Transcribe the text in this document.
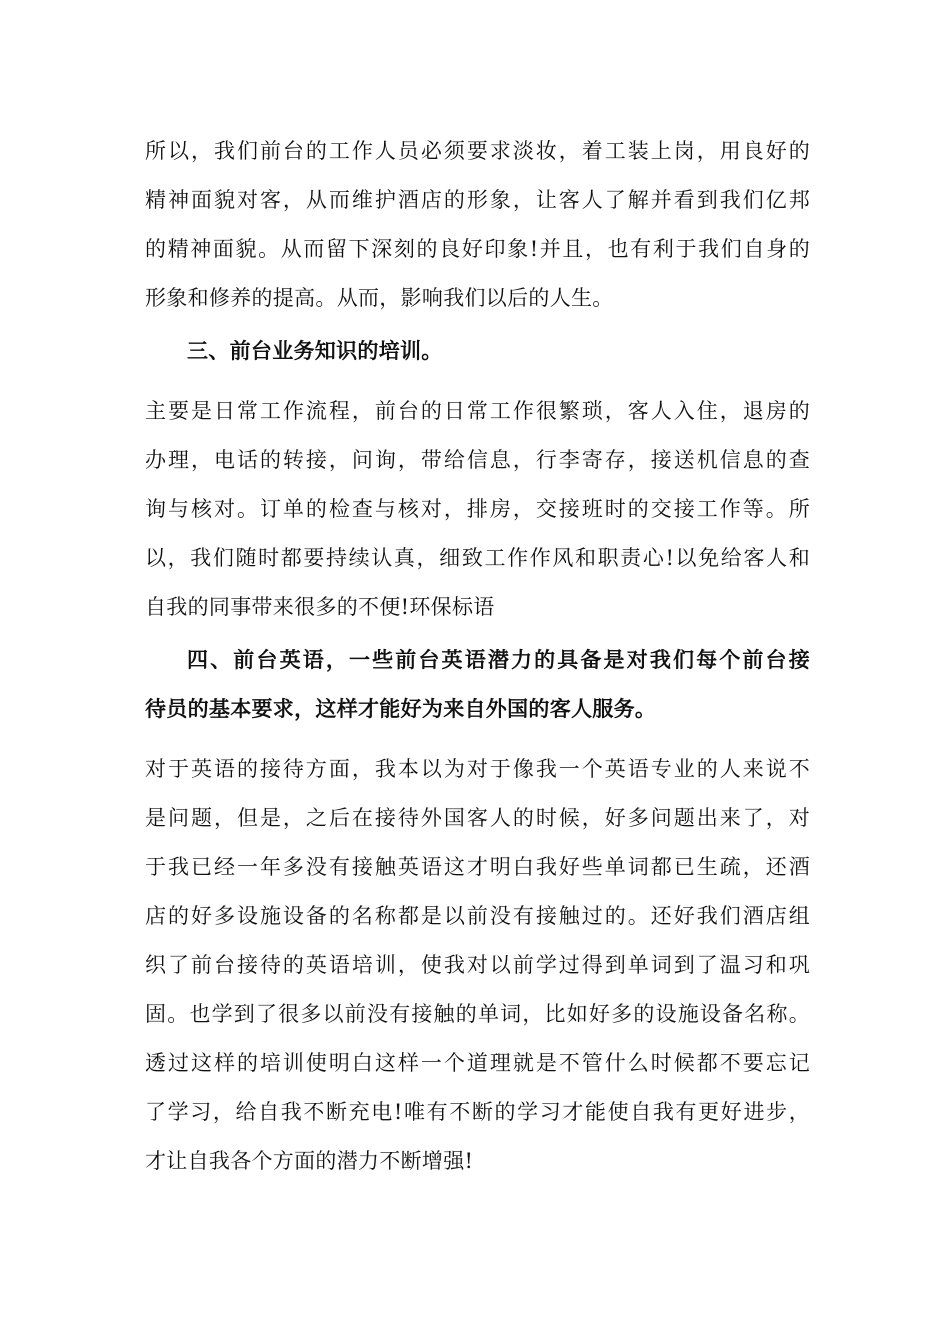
所以，我们前台的工作人员必须要求淡妆，着工装上岗，用良好的
精神面貌对客，从而维护酒店的形象，让客人了解并看到我们亿邦
的精神面貌。从而留下深刻的良好印象!并且，也有利于我们自身的
形象和修养的提高。从而，影响我们以后的人生。
三、前台业务知识的培训。
主要是日常工作流程，前台的日常工作很繁琐，客人入住，退房的
办理，电话的转接，问询，带给信息，行李寄存，接送机信息的查
询与核对。订单的检查与核对，排房，交接班时的交接工作等。所
以，我们随时都要持续认真，细致工作作风和职责心!以免给客人和
自我的同事带来很多的不便!环保标语
四、前台英语，一些前台英语潜力的具备是对我们每个前台接
待员的基本要求，这样才能好为来自外国的客人服务。
对于英语的接待方面，我本以为对于像我一个英语专业的人来说不
是问题，但是，之后在接待外国客人的时候，好多问题出来了，对
于我已经一年多没有接触英语这才明白我好些单词都已生疏，还酒
店的好多设施设备的名称都是以前没有接触过的。还好我们酒店组
织了前台接待的英语培训，使我对以前学过得到单词到了温习和巩
固。也学到了很多以前没有接触的单词，比如好多的设施设备名称。
透过这样的培训使明白这样一个道理就是不管什么时候都不要忘记
了学习，给自我不断充电!唯有不断的学习才能使自我有更好进步，
才让自我各个方面的潜力不断增强!
